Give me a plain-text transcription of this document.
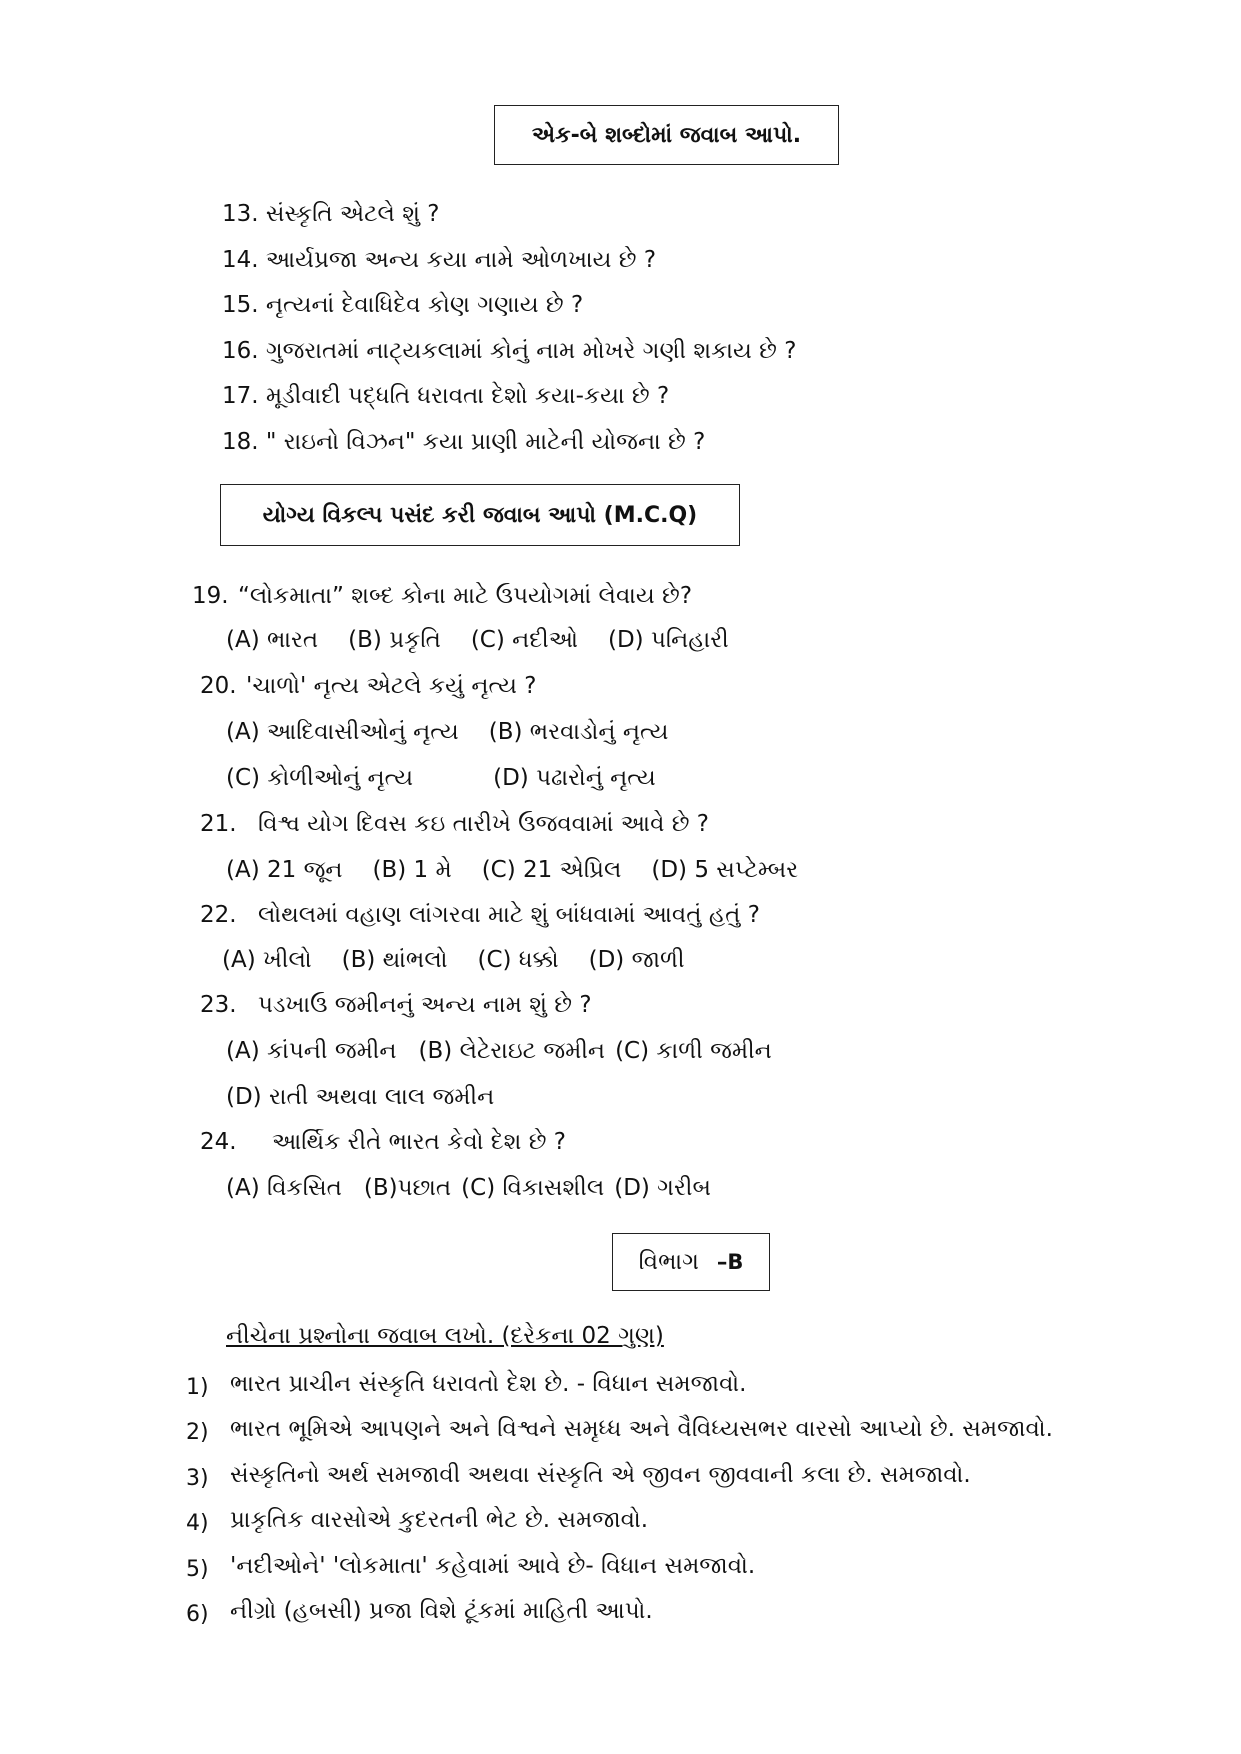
એક-બે શબ્દોમાં જવાબ આપો.
13. સંસ્કૃતિ એટલે શું ?
14. આર્યપ્રજા અન્ય કયા નામે ઓળખાય છે ?
15. નૃત્યનાં દેવાધિદેવ કોણ ગણાય છે ?
16. ગુજરાતમાં નાટ્યકલામાં કોનું નામ મોખરે ગણી શકાય છે ?
17. મૂડીવાદી પદ્ધતિ ધરાવતા દેશો કયા-કયા છે ?
18. " રાઇનો વિઝન" કયા પ્રાણી માટેની યોજના છે ?
યોગ્ય વિકલ્પ પસંદ કરી જવાબ આપો (M.C.Q)
19. “લોકમાતા” શબ્દ કોના માટે ઉપયોગમાં લેવાય છે?
(A) ભારત (B) પ્રકૃતિ (C) નદીઓ (D) પનિહારી
20. 'ચાળો' નૃત્ય એટલે કયું નૃત્ય ?
(A) આદિવાસીઓનું નૃત્ય (B) ભરવાડોનું નૃત્ય
(C) કોળીઓનું નૃત્ય	(D) પઢારોનું નૃત્ય
21. વિશ્વ યોગ દિવસ કઇ તારીખે ઉજવવામાં આવે છે ?
(A) 21 જૂન (B) 1 મે (C) 21 એપ્રિલ (D) 5 સપ્ટેમ્બર
22. લોથલમાં વહાણ લાંગરવા માટે શું બાંધવામાં આવતું હતું ?
(A) ખીલો (B) થાંભલો (C) ધક્કો (D) જાળી
23. પડખાઉ જમીનનું અન્ય નામ શું છે ?
(A) કાંપની જમીન (B) લેટેરાઇટ જમીન (C) કાળી જમીન
(D) રાતી અથવા લાલ જમીન
24. આર્થિક રીતે ભારત કેવો દેશ છે ?
(A) વિકસિત (B)પછાત (C) વિકાસશીલ (D) ગરીબ
વિભાગ –B
નીચેના પ્રશ્નોના જવાબ લખો. (દરેકના 02 ગુણ)
1) ભારત પ્રાચીન સંસ્કૃતિ ધરાવતો દેશ છે. - વિધાન સમજાવો.
2) ભારત ભૂમિએ આપણને અને વિશ્વને સમૃધ્ધ અને વૈવિધ્યસભર વારસો આપ્યો છે. સમજાવો.
3) સંસ્કૃતિનો અર્થ સમજાવી અથવા સંસ્કૃતિ એ જીવન જીવવાની કલા છે. સમજાવો.
4) પ્રાકૃતિક વારસોએ કુદરતની ભેટ છે. સમજાવો.
5) 'નદીઓને' 'લોકમાતા' કહેવામાં આવે છે- વિધાન સમજાવો.
6) નીગ્રો (હબસી) પ્રજા વિશે ટૂંકમાં માહિતી આપો.
